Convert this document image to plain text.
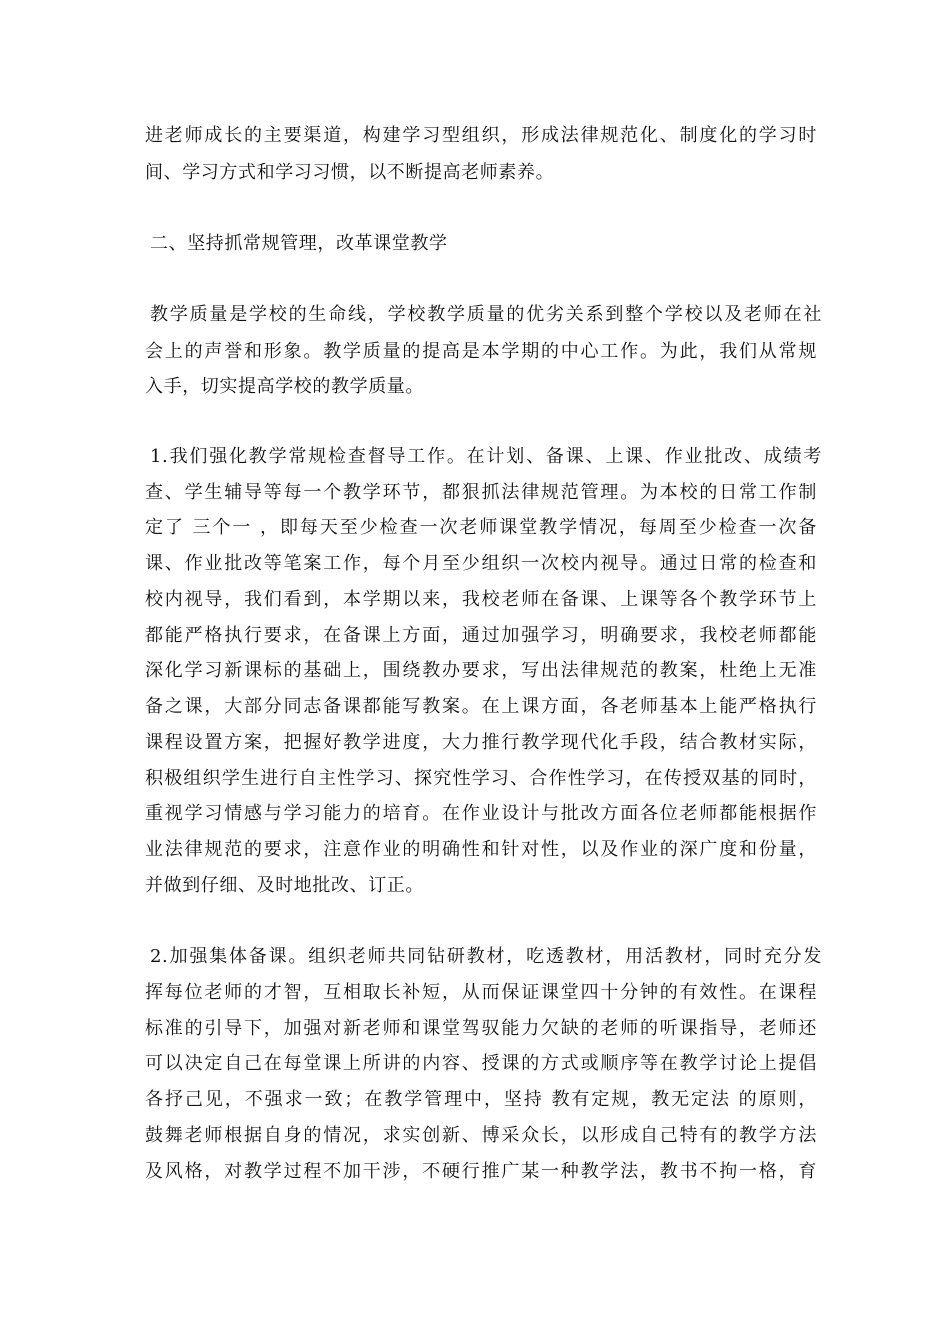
进老师成长的主要渠道，构建学习型组织，形成法律规范化、制度化的学习时
间、学习方式和学习习惯，以不断提高老师素养。
二、坚持抓常规管理，改革课堂教学
教学质量是学校的生命线，学校教学质量的优劣关系到整个学校以及老师在社
会上的声誉和形象。教学质量的提高是本学期的中心工作。为此，我们从常规
入手，切实提高学校的教学质量。
1.我们强化教学常规检查督导工作。在计划、备课、上课、作业批改、成绩考
查、学生辅导等每一个教学环节，都狠抓法律规范管理。为本校的日常工作制
定了 三个一 ，即每天至少检查一次老师课堂教学情况，每周至少检查一次备
课、作业批改等笔案工作，每个月至少组织一次校内视导。通过日常的检查和
校内视导，我们看到，本学期以来，我校老师在备课、上课等各个教学环节上
都能严格执行要求，在备课上方面，通过加强学习，明确要求，我校老师都能
深化学习新课标的基础上，围绕教办要求，写出法律规范的教案，杜绝上无准
备之课，大部分同志备课都能写教案。在上课方面，各老师基本上能严格执行
课程设置方案，把握好教学进度，大力推行教学现代化手段，结合教材实际，
积极组织学生进行自主性学习、探究性学习、合作性学习，在传授双基的同时，
重视学习情感与学习能力的培育。在作业设计与批改方面各位老师都能根据作
业法律规范的要求，注意作业的明确性和针对性，以及作业的深广度和份量，
并做到仔细、及时地批改、订正。
2.加强集体备课。组织老师共同钻研教材，吃透教材，用活教材，同时充分发
挥每位老师的才智，互相取长补短，从而保证课堂四十分钟的有效性。在课程
标准的引导下，加强对新老师和课堂驾驭能力欠缺的老师的听课指导，老师还
可以决定自己在每堂课上所讲的内容、授课的方式或顺序等在教学讨论上提倡
各抒己见，不强求一致；在教学管理中，坚持 教有定规，教无定法 的原则，
鼓舞老师根据自身的情况，求实创新、博采众长，以形成自己特有的教学方法
及风格，对教学过程不加干涉，不硬行推广某一种教学法，教书不拘一格，育
